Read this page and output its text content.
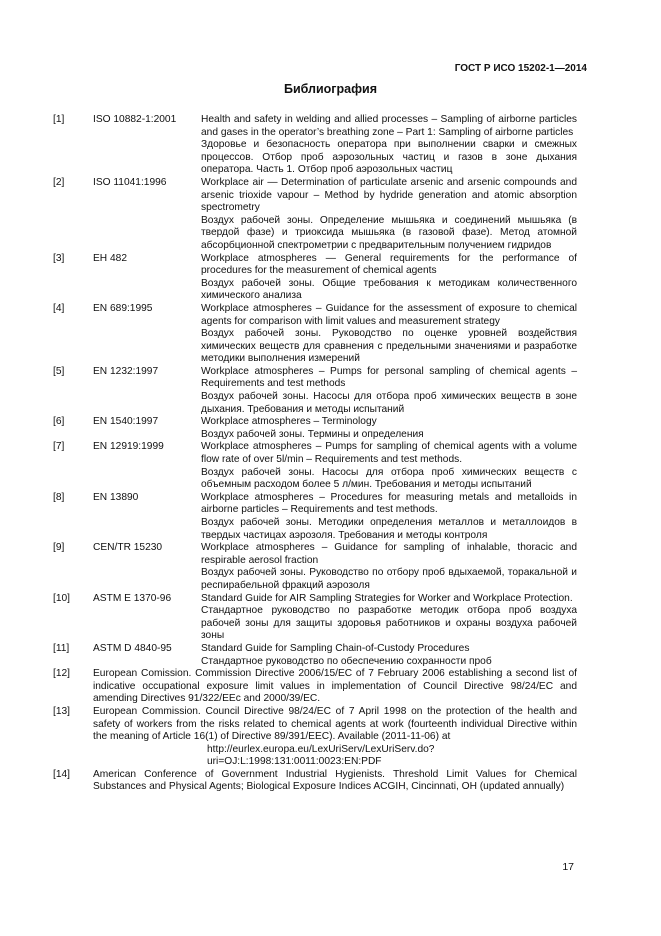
ГОСТ Р ИСО 15202-1—2014
Библиография
[1]	ISO 10882-1:2001	Health and safety in welding and allied processes – Sampling of airborne particles and gases in the operator’s breathing zone – Part 1: Sampling of airborne particles

Здоровье и безопасность оператора при выполнении сварки и смежных процессов. Отбор проб аэрозольных частиц и газов в зоне дыхания оператора. Часть 1. Отбор проб аэрозольных частиц

[2]	ISO 11041:1996	Workplace air — Determination of particulate arsenic and arsenic compounds and arsenic trioxide vapour – Method by hydride generation and atomic absorption spectrometry

Воздух рабочей зоны. Определение мышьяка и соединений мышьяка (в твердой фазе) и триоксида мышьяка (в газовой фазе). Метод атомной абсорбционной спектрометрии с предварительным получением гидридов

[3]	EH 482	Workplace atmospheres — General requirements for the performance of procedures for the measurement of chemical agents

Воздух рабочей зоны. Общие требования к методикам количественного химического анализа

[4]	EN 689:1995	Workplace atmospheres – Guidance for the assessment of exposure to chemical agents for comparison with limit values and measurement strategy

Воздух рабочей зоны. Руководство по оценке уровней воздействия химических веществ для сравнения с предельными значениями и разработке методики выполнения измерений

[5]	EN 1232:1997	Workplace atmospheres – Pumps for personal sampling of chemical agents – Requirements and test methods

Воздух рабочей зоны. Насосы для отбора проб химических веществ в зоне дыхания. Требования и методы испытаний

[6]	EN 1540:1997	Workplace atmospheres – Terminology

Воздух рабочей зоны. Термины и определения

[7]	EN 12919:1999	Workplace atmospheres – Pumps for sampling of chemical agents with a volume flow rate of over 5l/min – Requirements and test methods.

Воздух рабочей зоны. Насосы для отбора проб химических веществ с объемным расходом более 5 л/мин. Требования и методы испытаний

[8]	EN 13890	Workplace atmospheres – Procedures for measuring metals and metalloids in airborne particles – Requirements and test methods.

Воздух рабочей зоны. Методики определения металлов и металлоидов в твердых частицах аэрозоля. Требования и методы контроля

[9]	CEN/TR 15230	Workplace atmospheres – Guidance for sampling of inhalable, thoracic and respirable aerosol fraction

Воздух рабочей зоны. Руководство по отбору проб вдыхаемой, торакальной и респирабельной фракций аэрозоля

[10]	ASTM E 1370-96	Standard Guide for AIR Sampling Strategies for Worker and Workplace Protection.

Стандартное руководство по разработке методик отбора проб воздуха рабочей зоны для защиты здоровья работников и охраны воздуха рабочей зоны

[11]	ASTM D 4840-95	Standard Guide for Sampling Chain-of-Custody Procedures

Стандартное руководство по обеспечению сохранности проб

[12]	European Comission. Commission Directive 2006/15/EC of 7 February 2006 establishing a second list of indicative occupational exposure limit values in implementation of Council Directive 98/24/EC and amending Directives 91/322/EEc and 2000/39/EC.

[13]	European Commission. Council Directive 98/24/EC of 7 April 1998 on the protection of the health and safety of workers from the risks related to chemical agents at work (fourteenth individual Directive within the meaning of Article 16(1) of Directive 89/391/EEC). Available (2011-11-06) at

http://eurlex.europa.eu/LexUriServ/LexUriServ.do?uri=OJ:L:1998:131:0011:0023:EN:PDF

[14]	American Conference of Government Industrial Hygienists. Threshold Limit Values for Chemical Substances and Physical Agents; Biological Exposure Indices ACGIH, Cincinnati, OH (updated annually)

17
